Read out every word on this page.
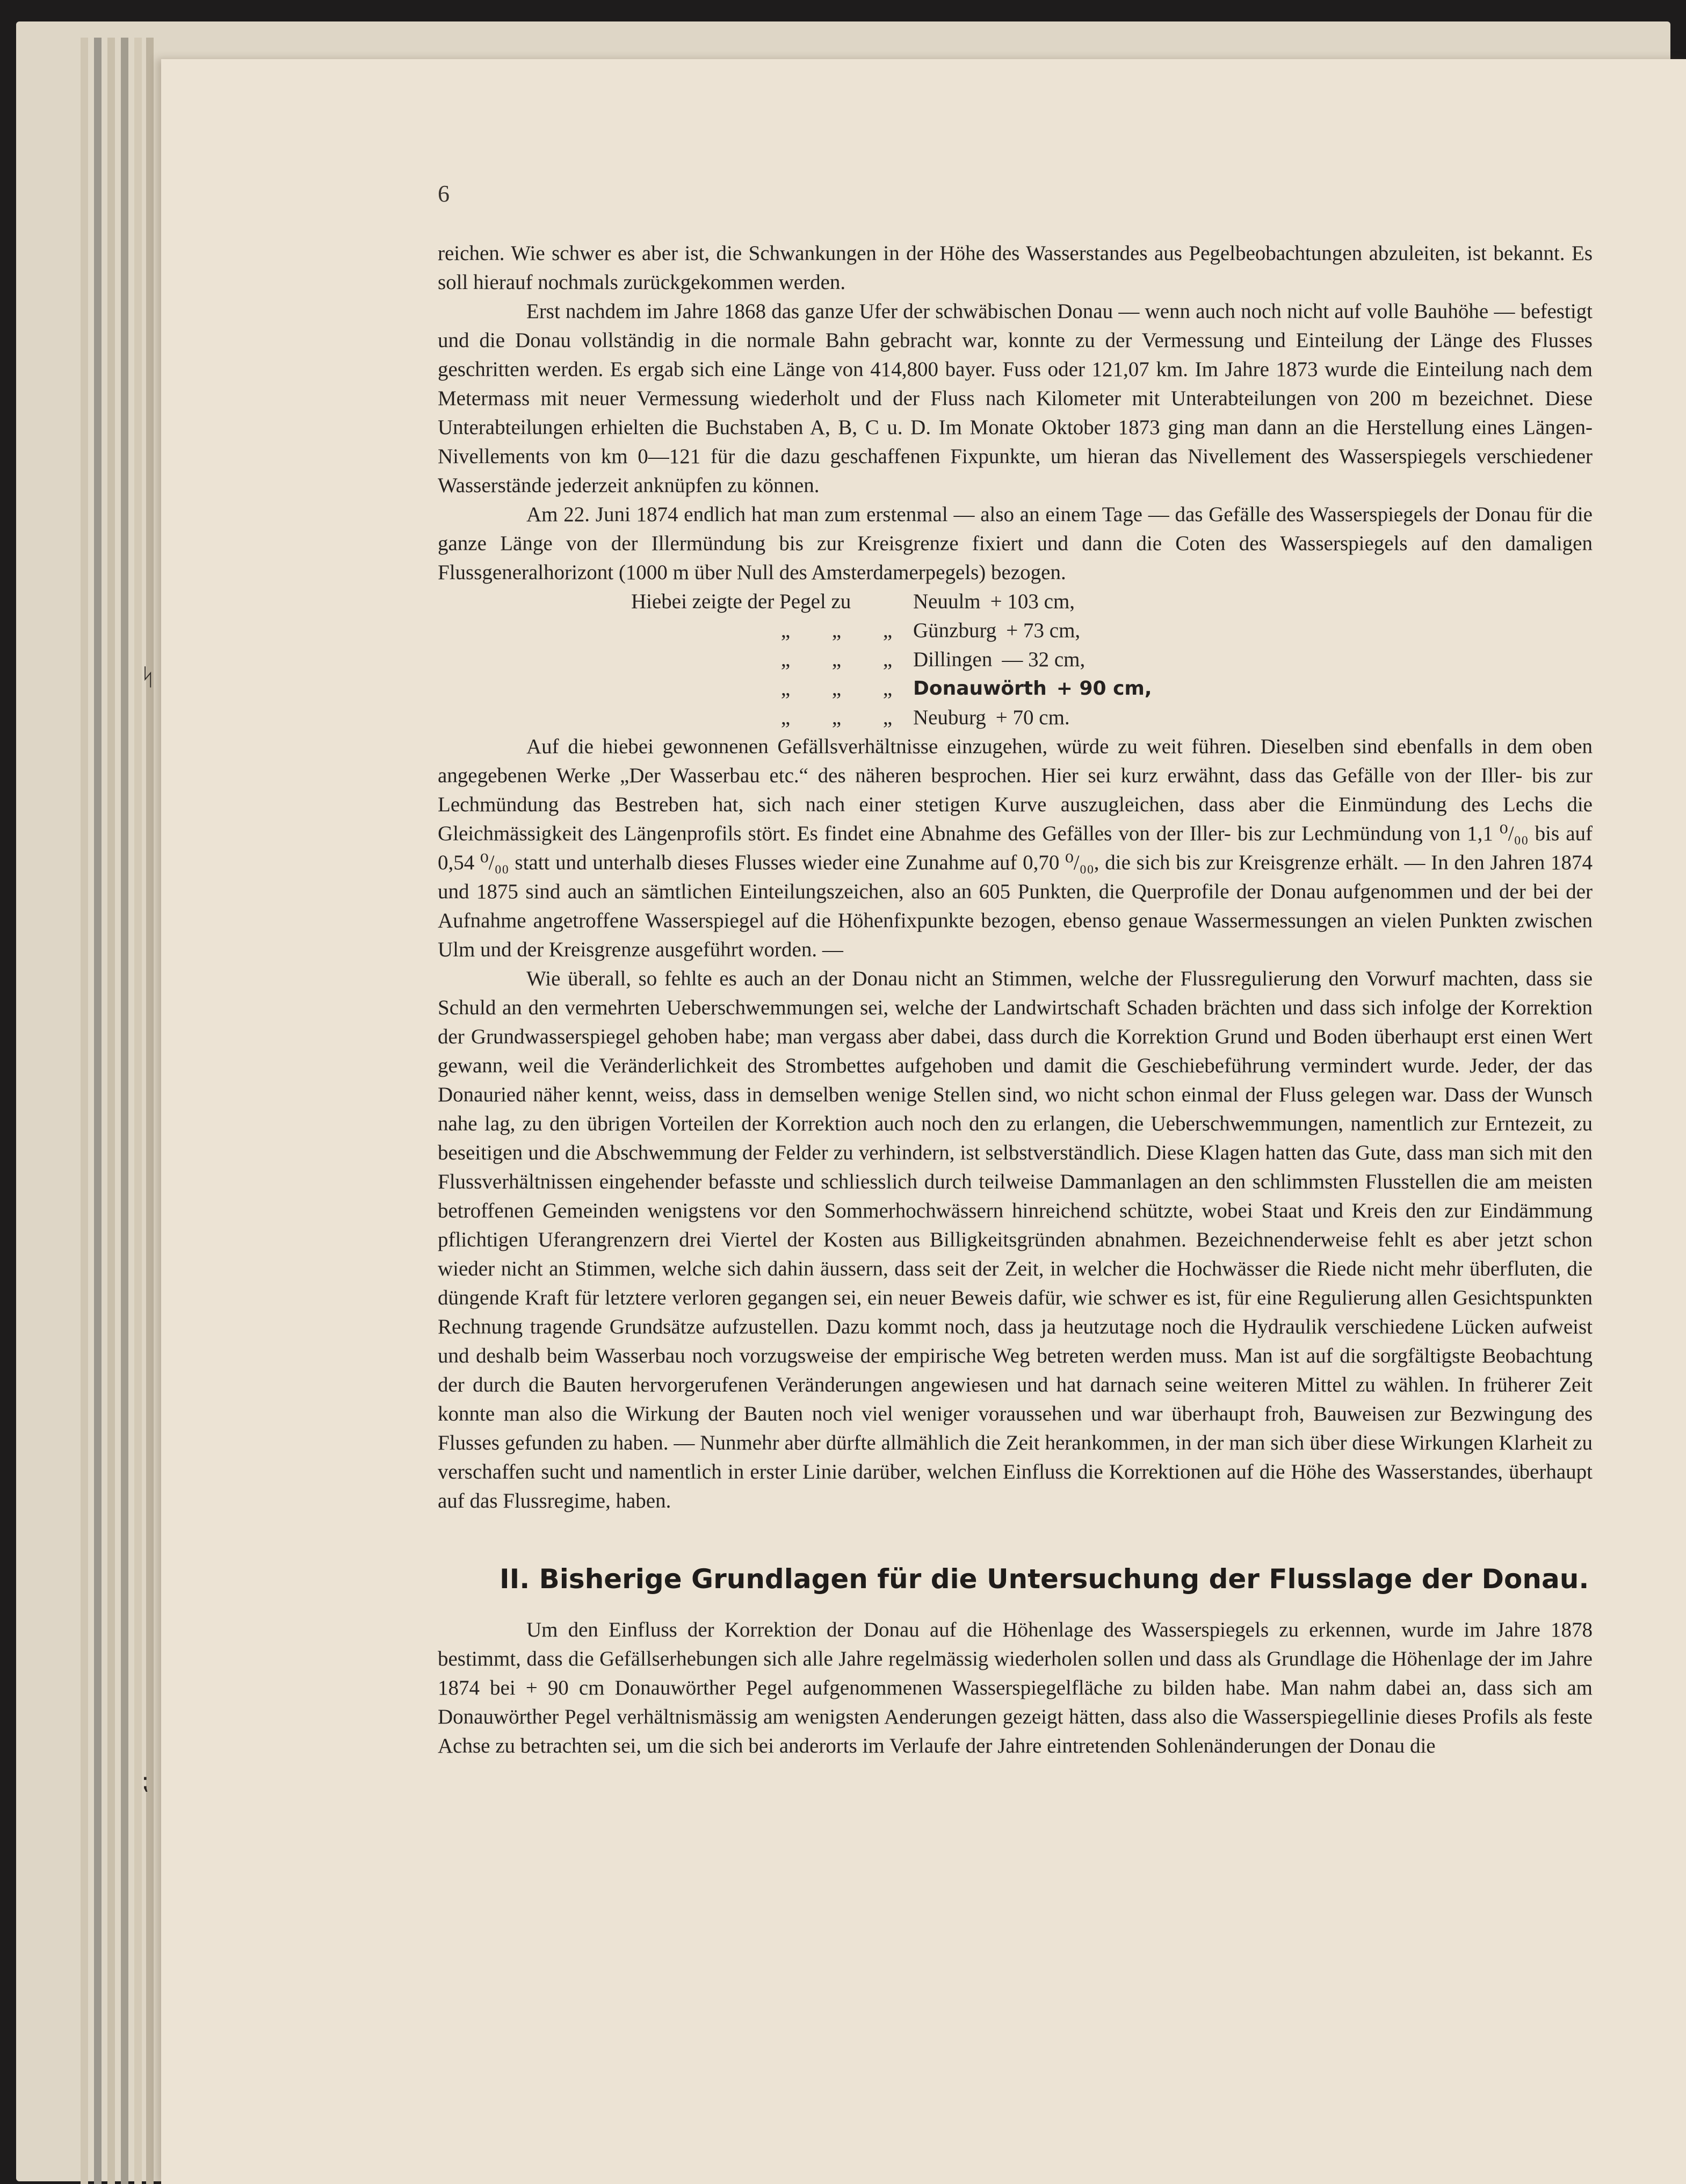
6

reichen. Wie schwer es aber ist, die Schwankungen in der Höhe des Wasserstandes aus Pegelbeobachtungen abzuleiten, ist bekannt. Es soll hierauf nochmals zurückgekommen werden.

Erst nachdem im Jahre 1868 das ganze Ufer der schwäbischen Donau — wenn auch noch nicht auf volle Bauhöhe — befestigt und die Donau vollständig in die normale Bahn gebracht war, konnte zu der Vermessung und Einteilung der Länge des Flusses geschritten werden. Es ergab sich eine Länge von 414,800 bayer. Fuss oder 121,07 km. Im Jahre 1873 wurde die Einteilung nach dem Metermass mit neuer Vermessung wiederholt und der Fluss nach Kilometer mit Unterabteilungen von 200 m bezeichnet. Diese Unterabteilungen erhielten die Buchstaben A, B, C u. D. Im Monate Oktober 1873 ging man dann an die Herstellung eines Längen-Nivellements von km 0—121 für die dazu geschaffenen Fixpunkte, um hieran das Nivellement des Wasserspiegels verschiedener Wasserstände jederzeit anknüpfen zu können.

Am 22. Juni 1874 endlich hat man zum erstenmal — also an einem Tage — das Gefälle des Wasserspiegels der Donau für die ganze Länge von der Illermündung bis zur Kreisgrenze fixiert und dann die Coten des Wasserspiegels auf den damaligen Flussgeneralhorizont (1000 m über Null des Amsterdamerpegels) bezogen.

Hiebei zeigte der Pegel zu	Neuulm + 103 cm,
„	„	„ Günzburg + 73 cm,
„	„	„ Dillingen — 32 cm,
„	„	„	Donauwörth + 90 cm,
„	„	„ Neuburg + 70 cm.

Auf die hiebei gewonnenen Gefällsverhältnisse einzugehen, würde zu weit führen. Dieselben sind ebenfalls in dem oben angegebenen Werke „Der Wasserbau etc.“ des näheren besprochen. Hier sei kurz erwähnt, dass das Gefälle von der Iller- bis zur Lechmündung das Bestreben hat, sich nach einer stetigen Kurve auszugleichen, dass aber die Einmündung des Lechs die Gleichmässigkeit des Längenprofils stört. Es findet eine Abnahme des Gefälles von der Iller- bis zur Lechmündung von 1,1 ⁰/₀₀ bis auf 0,54 ⁰/₀₀ statt und unterhalb dieses Flusses wieder eine Zunahme auf 0,70 ⁰/₀₀, die sich bis zur Kreisgrenze erhält. — In den Jahren 1874 und 1875 sind auch an sämtlichen Einteilungszeichen, also an 605 Punkten, die Querprofile der Donau aufgenommen und der bei der Aufnahme angetroffene Wasserspiegel auf die Höhenfixpunkte bezogen, ebenso genaue Wassermessungen an vielen Punkten zwischen Ulm und der Kreisgrenze ausgeführt worden. —

Wie überall, so fehlte es auch an der Donau nicht an Stimmen, welche der Flussregulierung den Vorwurf machten, dass sie Schuld an den vermehrten Ueberschwemmungen sei, welche der Landwirtschaft Schaden brächten und dass sich infolge der Korrektion der Grundwasserspiegel gehoben habe; man vergass aber dabei, dass durch die Korrektion Grund und Boden überhaupt erst einen Wert gewann, weil die Veränderlichkeit des Strombettes aufgehoben und damit die Geschiebeführung vermindert wurde. Jeder, der das Donauried näher kennt, weiss, dass in demselben wenige Stellen sind, wo nicht schon einmal der Fluss gelegen war. Dass der Wunsch nahe lag, zu den übrigen Vorteilen der Korrektion auch noch den zu erlangen, die Ueberschwemmungen, namentlich zur Erntezeit, zu beseitigen und die Abschwemmung der Felder zu verhindern, ist selbstverständlich. Diese Klagen hatten das Gute, dass man sich mit den Flussverhältnissen eingehender befasste und schliesslich durch teilweise Dammanlagen an den schlimmsten Flusstellen die am meisten betroffenen Gemeinden wenigstens vor den Sommerhochwässern hinreichend schützte, wobei Staat und Kreis den zur Eindämmung pflichtigen Uferangrenzern drei Viertel der Kosten aus Billigkeitsgründen abnahmen. Bezeichnenderweise fehlt es aber jetzt schon wieder nicht an Stimmen, welche sich dahin äussern, dass seit der Zeit, in welcher die Hochwässer die Riede nicht mehr überfluten, die düngende Kraft für letztere verloren gegangen sei, ein neuer Beweis dafür, wie schwer es ist, für eine Regulierung allen Gesichtspunkten Rechnung tragende Grundsätze aufzustellen. Dazu kommt noch, dass ja heutzutage noch die Hydraulik verschiedene Lücken aufweist und deshalb beim Wasserbau noch vorzugsweise der empirische Weg betreten werden muss. Man ist auf die sorgfältigste Beobachtung der durch die Bauten hervorgerufenen Veränderungen angewiesen und hat darnach seine weiteren Mittel zu wählen. In früherer Zeit konnte man also die Wirkung der Bauten noch viel weniger voraussehen und war überhaupt froh, Bauweisen zur Bezwingung des Flusses gefunden zu haben. — Nunmehr aber dürfte allmählich die Zeit herankommen, in der man sich über diese Wirkungen Klarheit zu verschaffen sucht und namentlich in erster Linie darüber, welchen Einfluss die Korrektionen auf die Höhe des Wasserstandes, überhaupt auf das Flussregime, haben.

II. Bisherige Grundlagen für die Untersuchung der Flusslage der Donau.

Um den Einfluss der Korrektion der Donau auf die Höhenlage des Wasserspiegels zu erkennen, wurde im Jahre 1878 bestimmt, dass die Gefällserhebungen sich alle Jahre regelmässig wiederholen sollen und dass als Grundlage die Höhenlage der im Jahre 1874 bei + 90 cm Donauwörther Pegel aufgenommenen Wasserspiegelfläche zu bilden habe. Man nahm dabei an, dass sich am Donauwörther Pegel verhältnismässig am wenigsten Aenderungen gezeigt hätten, dass also die Wasserspiegellinie dieses Profils als feste Achse zu betrachten sei, um die sich bei anderorts im Verlaufe der Jahre eintretenden Sohlenänderungen der Donau die

ᛋ
⁏
